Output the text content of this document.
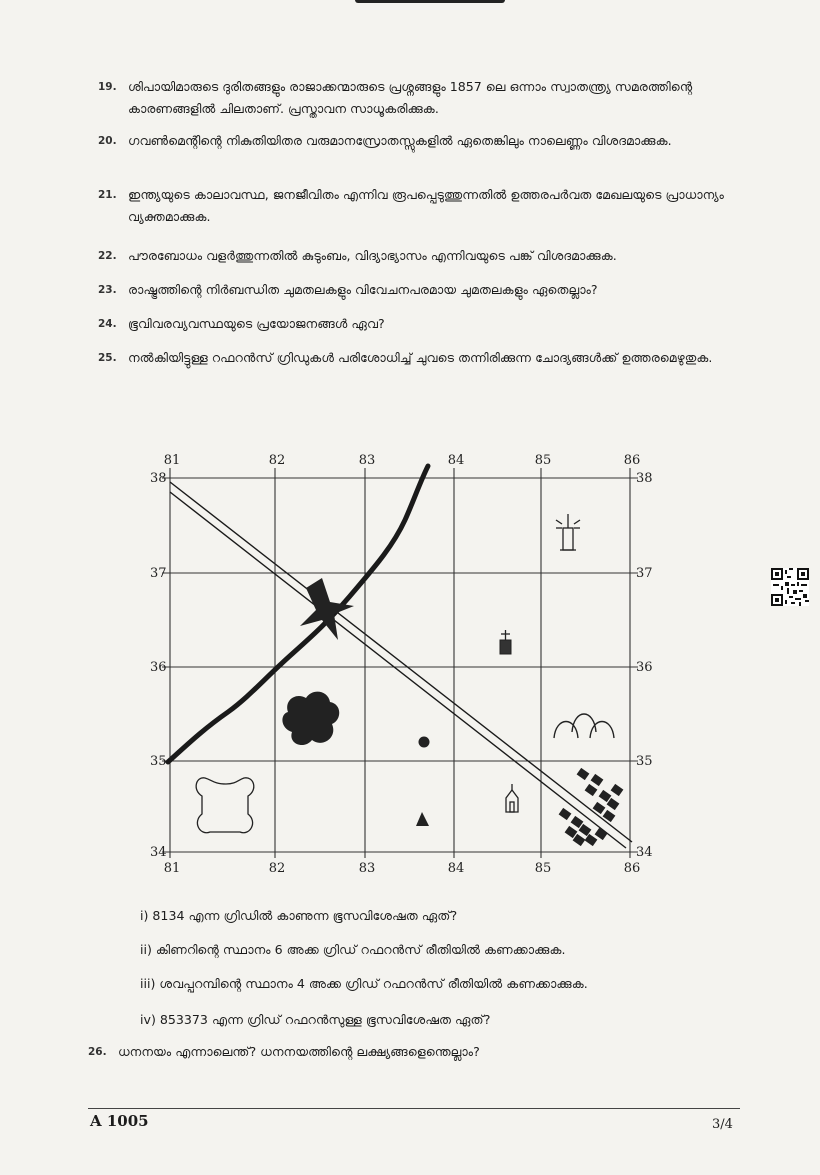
19. ശിപായിമാരുടെ ദുരിതങ്ങളും രാജാക്കന്മാരുടെ പ്രശ്നങ്ങളും 1857 ലെ ഒന്നാം സ്വാതന്ത്ര്യ സമരത്തിന്റെ കാരണങ്ങളിൽ ചിലതാണ്. പ്രസ്താവന സാധൂകരിക്കുക.
20. ഗവൺമെന്റിന്റെ നികുതിയിതര വരുമാനസ്രോതസ്സുകളിൽ ഏതെങ്കിലും നാലെണ്ണം വിശദമാക്കുക.
21. ഇന്ത്യയുടെ കാലാവസ്ഥ, ജനജീവിതം എന്നിവ രൂപപ്പെടുത്തുന്നതിൽ ഉത്തരപർവത മേഖലയുടെ പ്രാധാന്യം വ്യക്തമാക്കുക.
22. പൗരബോധം വളർത്തുന്നതിൽ കുടുംബം, വിദ്യാഭ്യാസം എന്നിവയുടെ പങ്ക് വിശദമാക്കുക.
23. രാഷ്ട്രത്തിന്റെ നിർബന്ധിത ചുമതലകളും വിവേചനപരമായ ചുമതലകളും ഏതെല്ലാം?
24. ഭൂവിവരവ്യവസ്ഥയുടെ പ്രയോജനങ്ങൾ ഏവ?
25. നൽകിയിട്ടുള്ള റഫറൻസ് ഗ്രിഡുകൾ പരിശോധിച്ച് ചുവടെ തന്നിരിക്കുന്ന ചോദ്യങ്ങൾക്ക് ഉത്തരമെഴുതുക.
81
81
82
82
83
83
84
84
85
85
86
86
38	38
37	37
36	36
35	35
34	34
i) 8134 എന്ന ഗ്രിഡിൽ കാണുന്ന ഭൂസവിശേഷത ഏത്?
ii) കിണറിന്റെ സ്ഥാനം 6 അക്ക ഗ്രിഡ് റഫറൻസ് രീതിയിൽ കണക്കാക്കുക.
iii) ശവപ്പറമ്പിന്റെ സ്ഥാനം 4 അക്ക ഗ്രിഡ് റഫറൻസ് രീതിയിൽ കണക്കാക്കുക.
iv) 853373 എന്ന ഗ്രിഡ് റഫറൻസുള്ള ഭൂസവിശേഷത ഏത്?
26. ധനനയം എന്നാലെന്ത്? ധനനയത്തിന്റെ ലക്ഷ്യങ്ങളെന്തെല്ലാം?
A 1005	3/4
